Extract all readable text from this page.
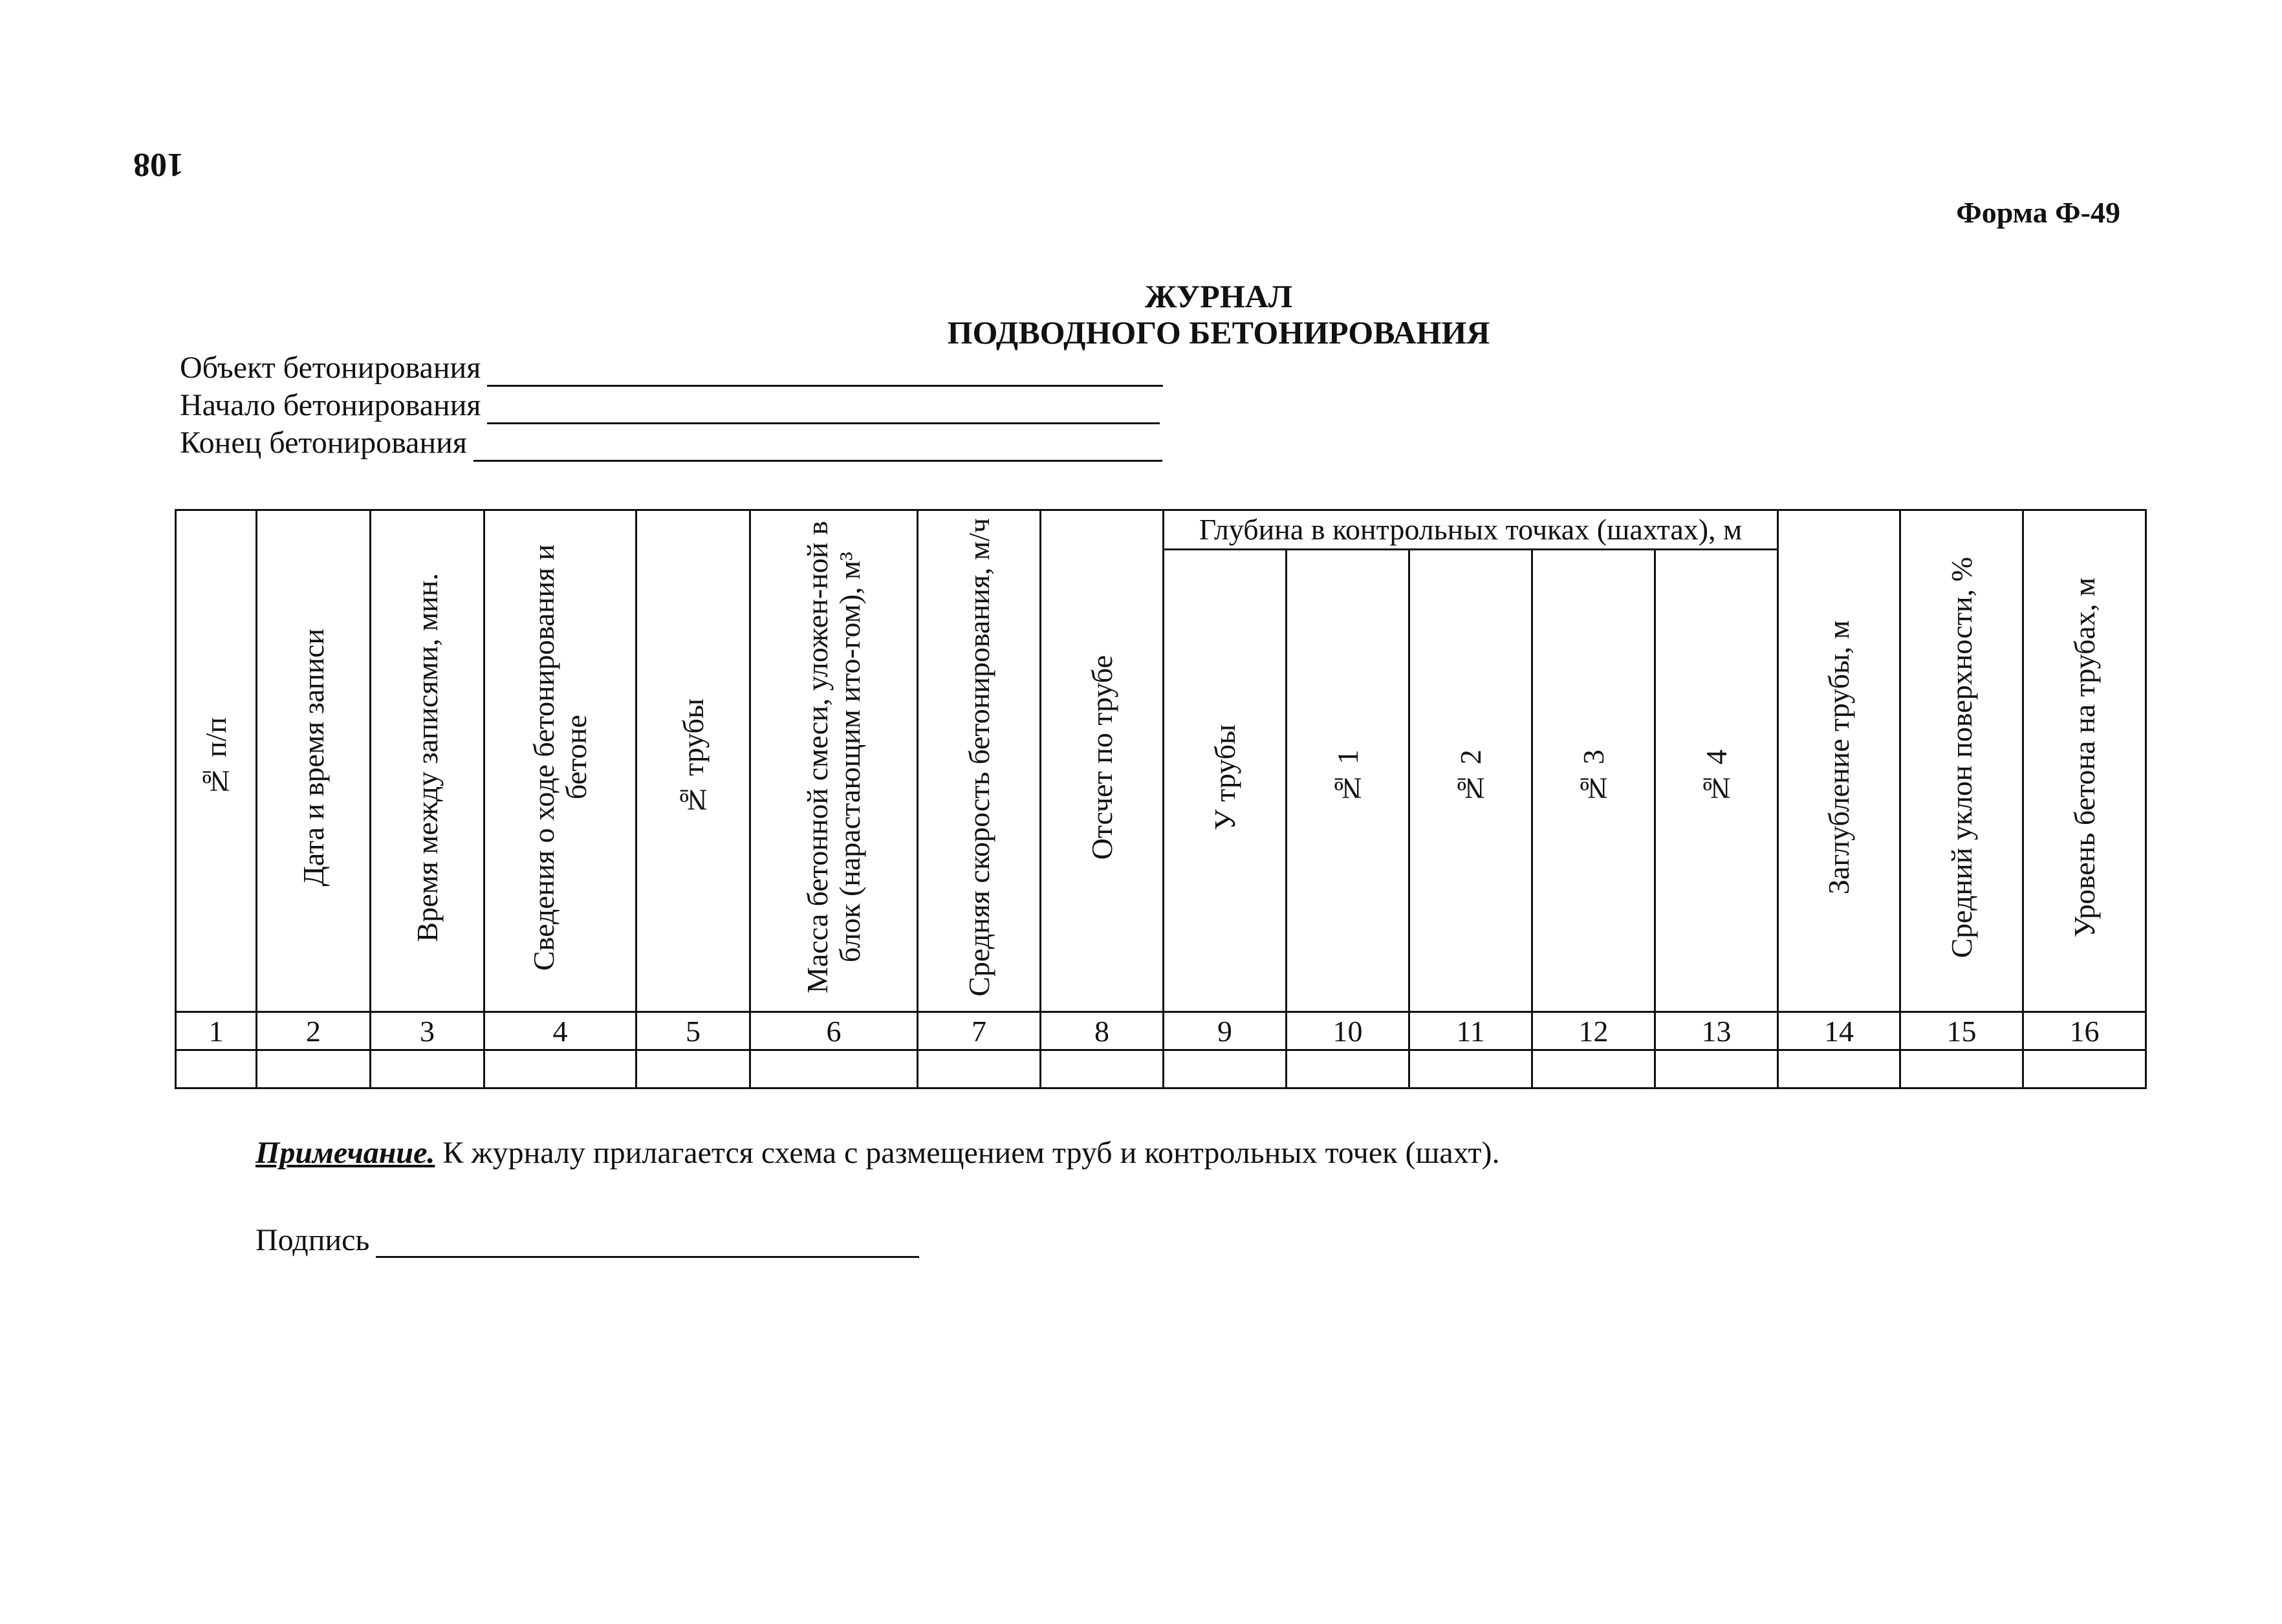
108
Форма Ф-49
ЖУРНАЛ
ПОДВОДНОГО БЕТОНИРОВАНИЯ
Объект бетонирования
Начало бетонирования
Конец бетонирования
№ п/п	Дата и время записи	Время между записями, мин.	Сведения о ходе бетонирования и бетоне	№ трубы	Масса бетонной смеси, уложен-ной в блок (нарастающим ито-гом), м³	Средняя скорость бетонирования, м/ч	Отсчет по трубе	Глубина в контрольных точках (шахтах), м					Заглубление трубы, м	Средний уклон поверхности, %	Уровень бетона на трубах, м
								У трубы	№ 1	№ 2	№ 3	№ 4			
1	2	3	4	5	6	7	8	9	10	11	12	13	14	15	16

Примечание. К журналу прилагается схема с размещением труб и контрольных точек (шахт).
Подпись
